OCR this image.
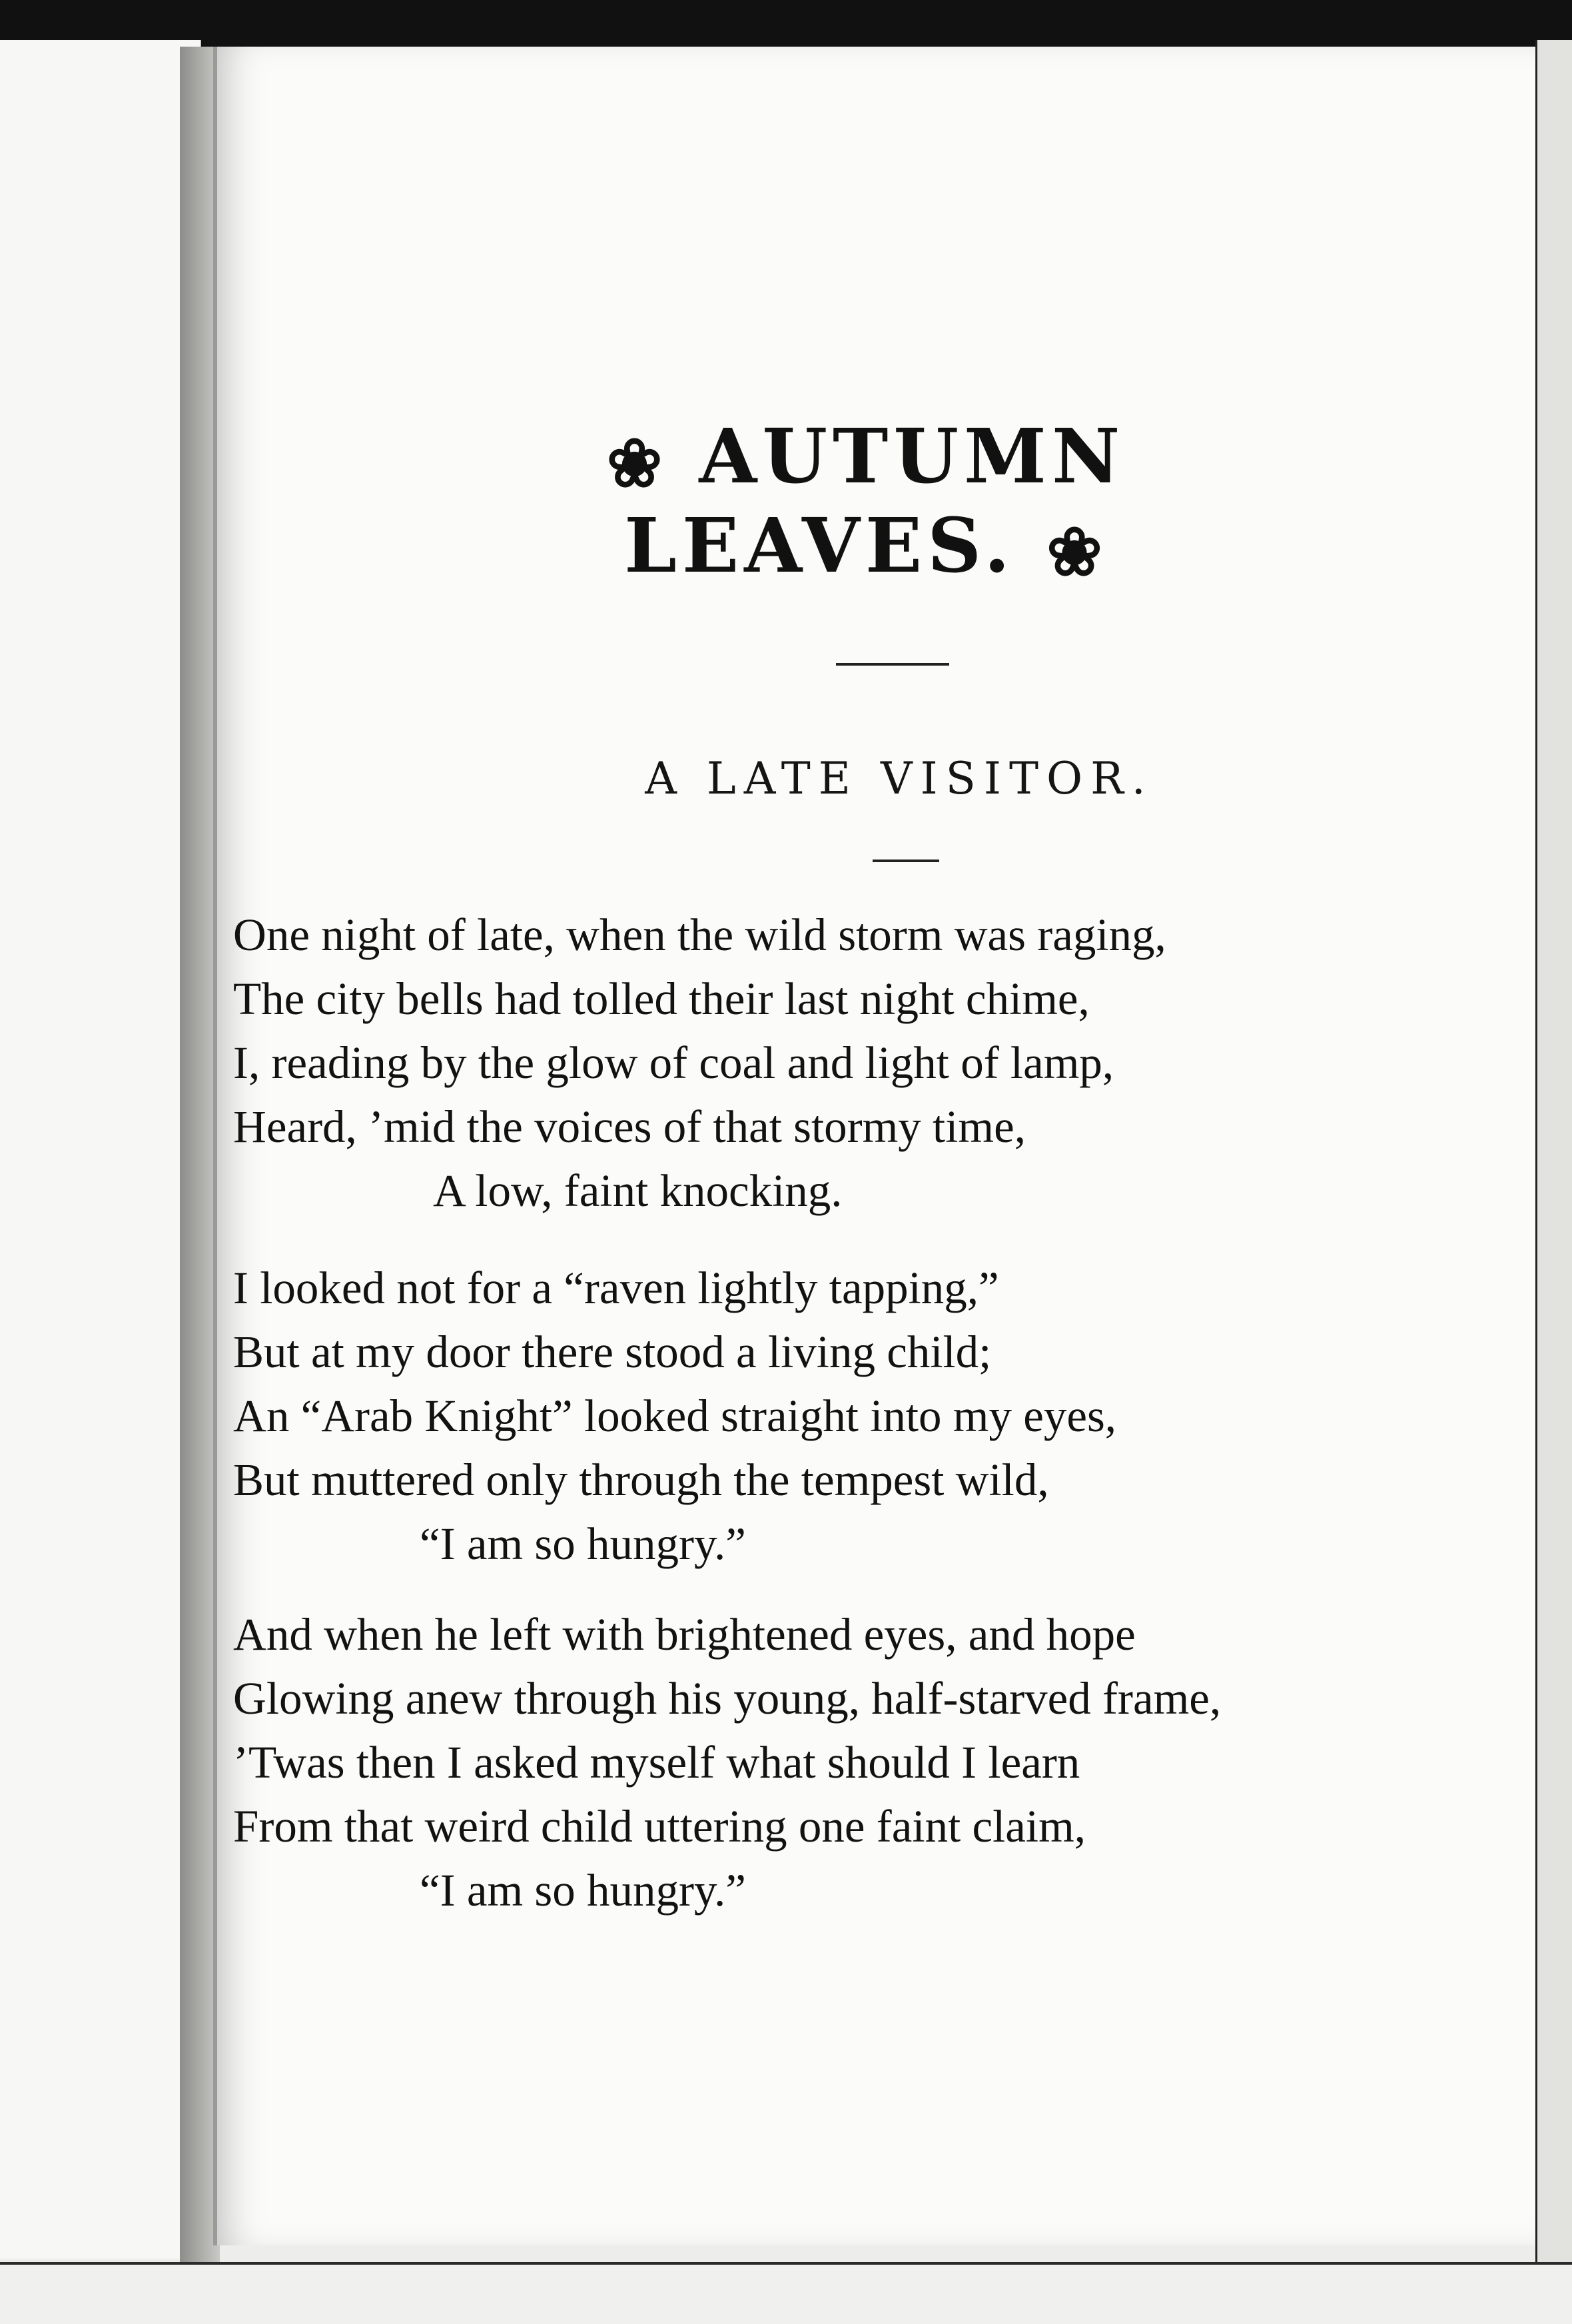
❀ AUTUMN LEAVES. ❀
A LATE VISITOR.
One night of late, when the wild storm was raging,
The city bells had tolled their last night chime,
I, reading by the glow of coal and light of lamp,
Heard, ’mid the voices of that stormy time,
A low, faint knocking.
I looked not for a “raven lightly tapping,”
But at my door there stood a living child;
An “Arab Knight” looked straight into my eyes,
But muttered only through the tempest wild,
“I am so hungry.”
And when he left with brightened eyes, and hope
Glowing anew through his young, half-starved frame,
’Twas then I asked myself what should I learn
From that weird child uttering one faint claim,
“I am so hungry.”
